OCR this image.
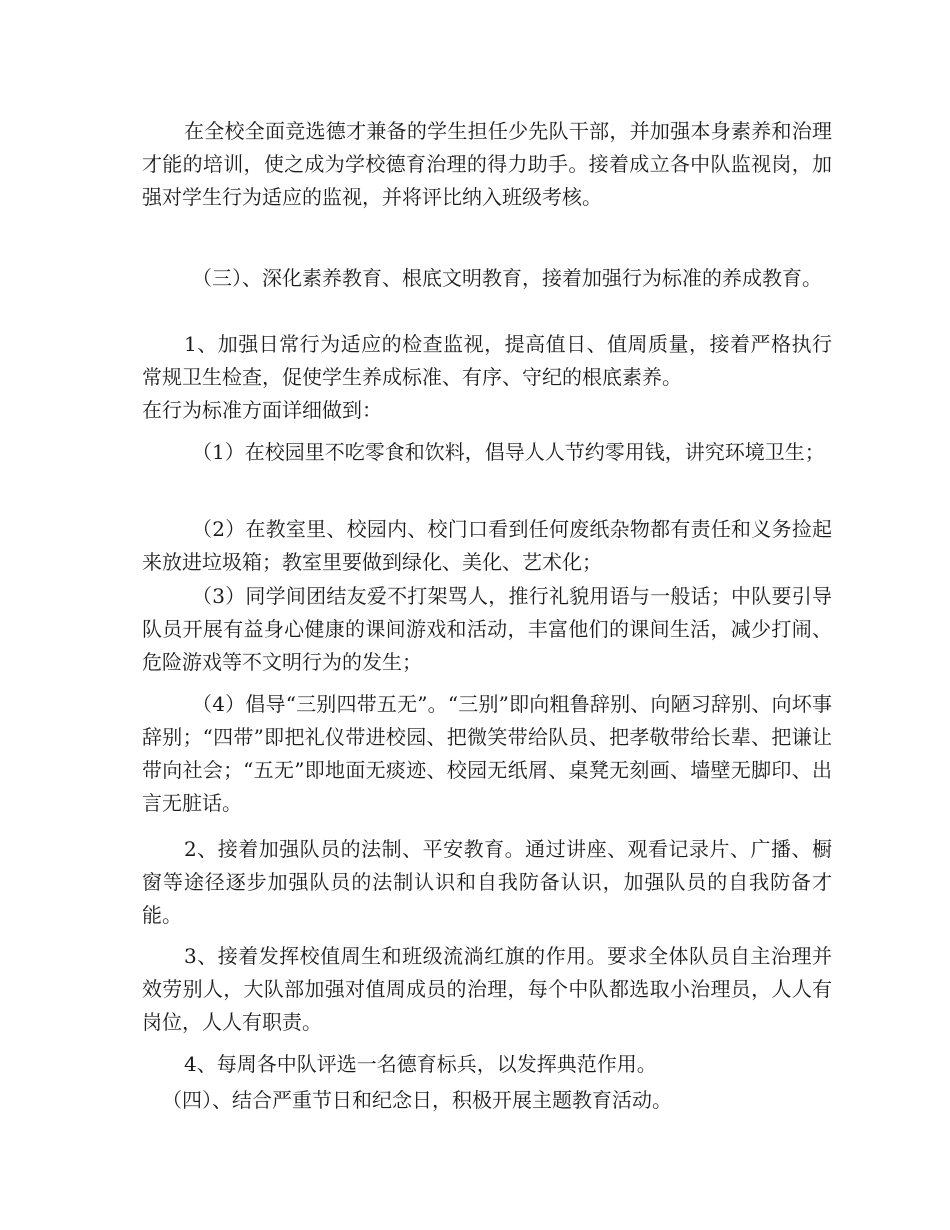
在全校全面竞选德才兼备的学生担任少先队干部，并加强本身素养和治理才能的培训，使之成为学校德育治理的得力助手。接着成立各中队监视岗，加强对学生行为适应的监视，并将评比纳入班级考核。

（三）、深化素养教育、根底文明教育，接着加强行为标准的养成教育。

1、加强日常行为适应的检查监视，提高值日、值周质量，接着严格执行常规卫生检查，促使学生养成标准、有序、守纪的根底素养。

在行为标准方面详细做到：

（1）在校园里不吃零食和饮料，倡导人人节约零用钱，讲究环境卫生；

（2）在教室里、校园内、校门口看到任何废纸杂物都有责任和义务捡起来放进垃圾箱；教室里要做到绿化、美化、艺术化；

（3）同学间团结友爱不打架骂人，推行礼貌用语与一般话；中队要引导队员开展有益身心健康的课间游戏和活动，丰富他们的课间生活，减少打闹、危险游戏等不文明行为的发生；

（4）倡导“三别四带五无”。“三别”即向粗鲁辞别、向陋习辞别、向坏事辞别；“四带”即把礼仪带进校园、把微笑带给队员、把孝敬带给长辈、把谦让带向社会；“五无”即地面无痰迹、校园无纸屑、桌凳无刻画、墙壁无脚印、出言无脏话。

2、接着加强队员的法制、平安教育。通过讲座、观看记录片、广播、橱窗等途径逐步加强队员的法制认识和自我防备认识，加强队员的自我防备才能。

3、接着发挥校值周生和班级流淌红旗的作用。要求全体队员自主治理并效劳别人，大队部加强对值周成员的治理，每个中队都选取小治理员，人人有岗位，人人有职责。

4、每周各中队评选一名德育标兵，以发挥典范作用。

（四）、结合严重节日和纪念日，积极开展主题教育活动。
